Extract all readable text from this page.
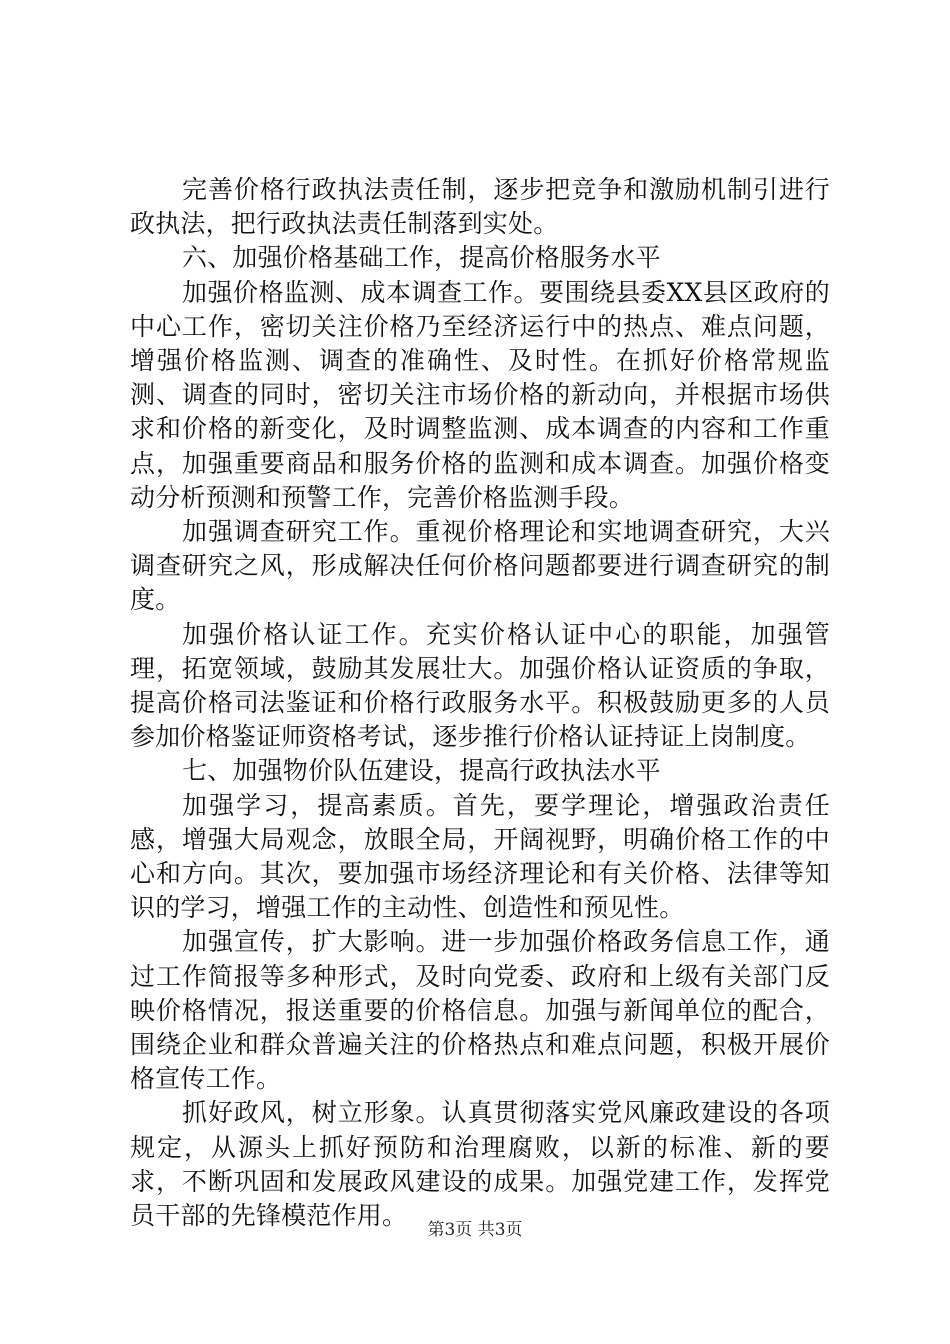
完善价格行政执法责任制，逐步把竞争和激励机制引进行政执法，把行政执法责任制落到实处。

六、加强价格基础工作，提高价格服务水平

加强价格监测、成本调查工作。要围绕县委XX县区政府的中心工作，密切关注价格乃至经济运行中的热点、难点问题，增强价格监测、调查的准确性、及时性。在抓好价格常规监测、调查的同时，密切关注市场价格的新动向，并根据市场供求和价格的新变化，及时调整监测、成本调查的内容和工作重点，加强重要商品和服务价格的监测和成本调查。加强价格变动分析预测和预警工作，完善价格监测手段。

加强调查研究工作。重视价格理论和实地调查研究，大兴调查研究之风，形成解决任何价格问题都要进行调查研究的制度。

加强价格认证工作。充实价格认证中心的职能，加强管理，拓宽领域，鼓励其发展壮大。加强价格认证资质的争取，提高价格司法鉴证和价格行政服务水平。积极鼓励更多的人员参加价格鉴证师资格考试，逐步推行价格认证持证上岗制度。

七、加强物价队伍建设，提高行政执法水平

加强学习，提高素质。首先，要学理论，增强政治责任感，增强大局观念，放眼全局，开阔视野，明确价格工作的中心和方向。其次，要加强市场经济理论和有关价格、法律等知识的学习，增强工作的主动性、创造性和预见性。

加强宣传，扩大影响。进一步加强价格政务信息工作，通过工作简报等多种形式，及时向党委、政府和上级有关部门反映价格情况，报送重要的价格信息。加强与新闻单位的配合，围绕企业和群众普遍关注的价格热点和难点问题，积极开展价格宣传工作。

抓好政风，树立形象。认真贯彻落实党风廉政建设的各项规定，从源头上抓好预防和治理腐败，以新的标准、新的要求，不断巩固和发展政风建设的成果。加强党建工作，发挥党员干部的先锋模范作用。	第3页 共3页
